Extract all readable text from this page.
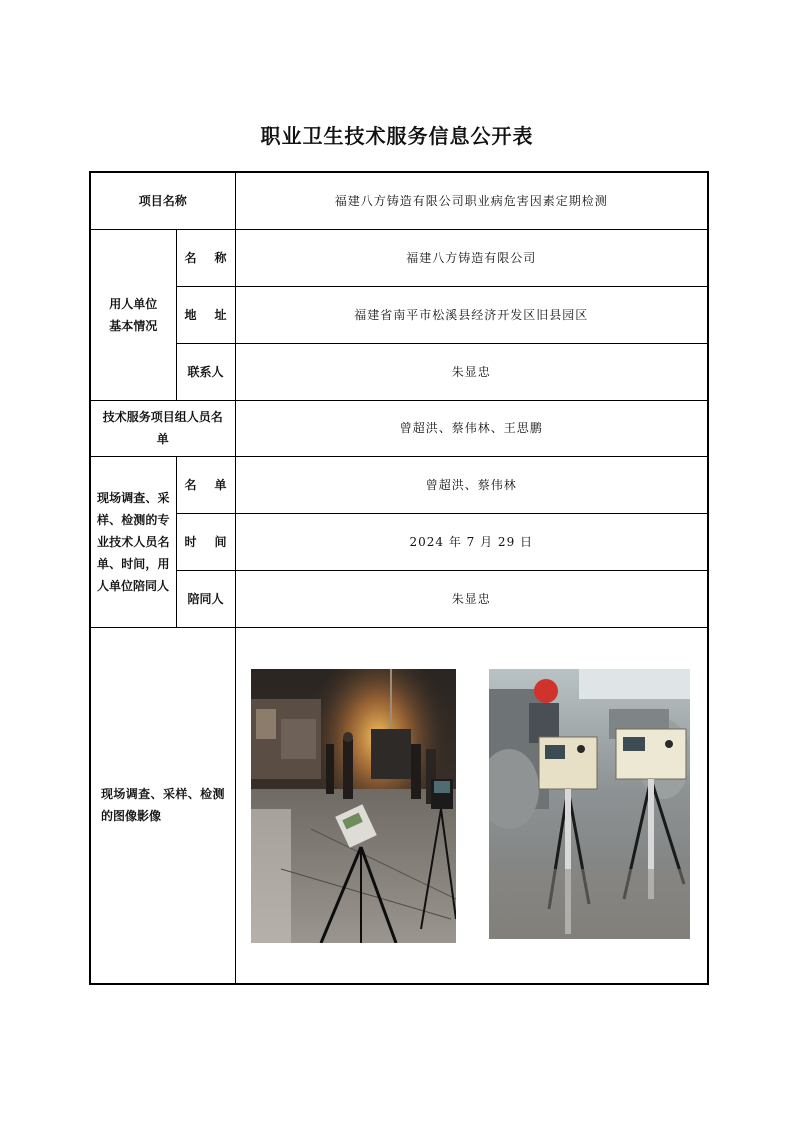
职业卫生技术服务信息公开表
项目名称		福建八方铸造有限公司职业病危害因素定期检测
用人单位基本情况	名 称	福建八方铸造有限公司
	地 址	福建省南平市松溪县经济开发区旧县园区
	联系人	朱显忠
技术服务项目组人员名单		曾超洪、蔡伟林、王思鹏
现场调查、采样、检测的专业技术人员名单、时间，用人单位陪同人	名 单	曾超洪、蔡伟林
	时 间	2024 年 7 月 29 日
	陪同人	朱显忠
现场调查、采样、检测的图像影像	
